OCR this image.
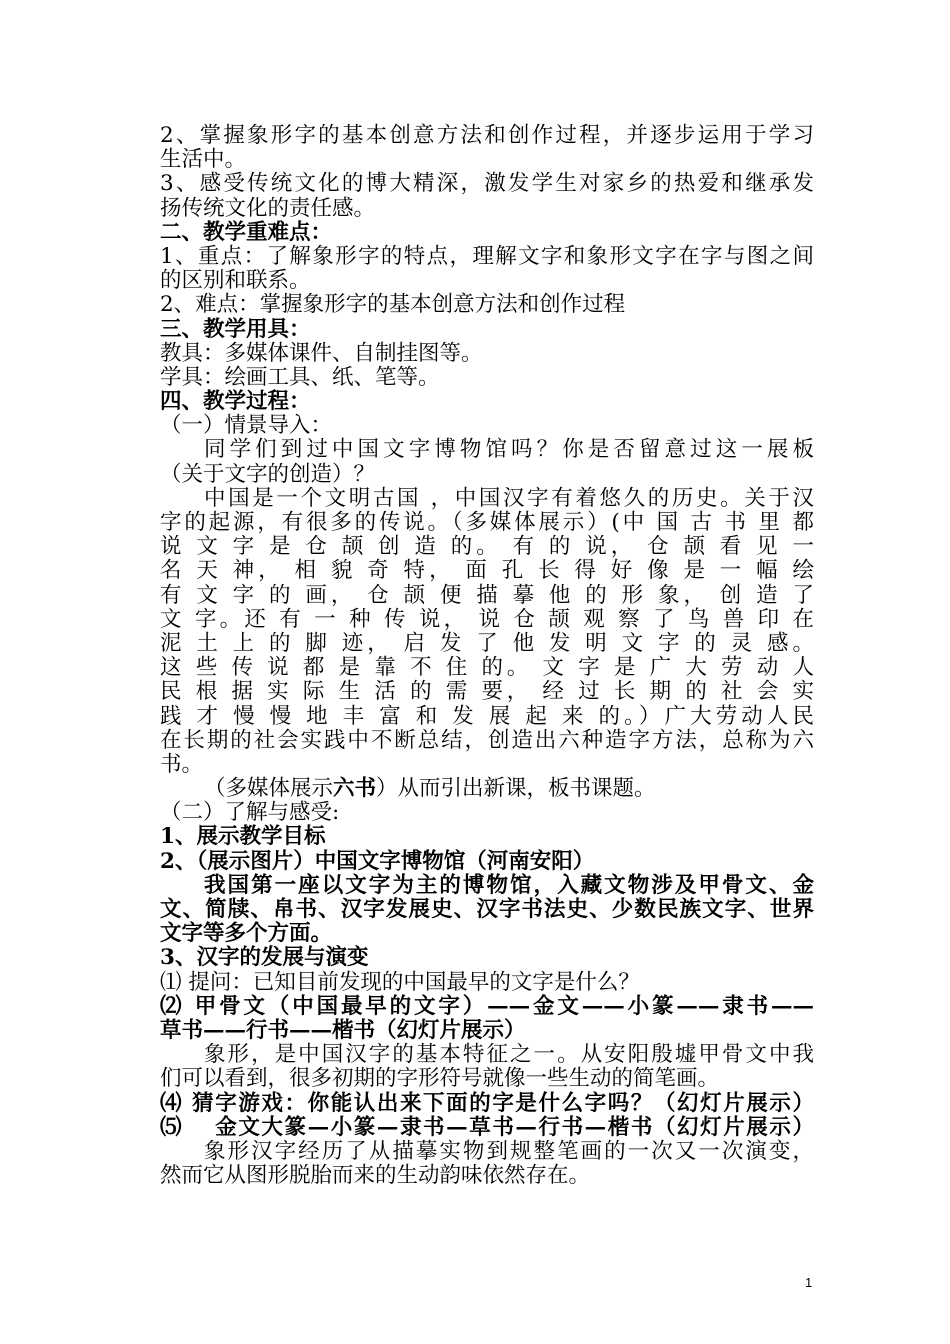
2、掌握象形字的基本创意方法和创作过程，并逐步运用于学习
生活中。
3、感受传统文化的博大精深，激发学生对家乡的热爱和继承发
扬传统文化的责任感。
二、教学重难点：
1、重点：了解象形字的特点，理解文字和象形文字在字与图之间
的区别和联系。
2、难点：掌握象形字的基本创意方法和创作过程
三、教学用具：
教具：多媒体课件、自制挂图等。
学具：绘画工具、纸、笔等。
四、教学过程：
（一）情景导入：
同学们到过中国文字博物馆吗？你是否留意过这一展板
（关于文字的创造）？
中国是一个文明古国 ，中国汉字有着悠久的历史。关于汉
字的起源，有很多的传说。（多媒体展示）(中 国 古 书 里 都
说 文 字 是 仓 颉 创 造 的。 有 的 说， 仓 颉 看 见 一
名 天 神， 相 貌 奇 特， 面 孔 长 得 好 像 是 一 幅 绘
有 文 字 的 画， 仓 颉 便 描 摹 他 的 形 象， 创 造 了
文 字。还 有 一 种 传 说， 说 仓 颉 观 察 了 鸟 兽 印 在
泥 土 上 的 脚 迹， 启 发 了 他 发 明 文 字 的 灵 感。
这 些 传 说 都 是 靠 不 住 的。 文 字 是 广 大 劳 动 人
民 根 据 实 际 生 活 的 需 要， 经 过 长 期 的 社 会 实
践 才 慢 慢 地 丰 富 和 发 展 起 来 的。）广大劳动人民
在长期的社会实践中不断总结，创造出六种造字方法，总称为六
书。
（多媒体展示六书）从而引出新课，板书课题。
（二）了解与感受:
1、展示教学目标
2、（展示图片）中国文字博物馆（河南安阳）
我国第一座以文字为主的博物馆，入藏文物涉及甲骨文、金
文、简牍、帛书、汉字发展史、汉字书法史、少数民族文字、世界
文字等多个方面。
3、汉字的发展与演变
⑴ 提问：已知目前发现的中国最早的文字是什么？
⑵ 甲骨文（中国最早的文字）——金文——小篆——隶书——
草书——行书——楷书（幻灯片展示）
象形，是中国汉字的基本特征之一。从安阳殷墟甲骨文中我
们可以看到，很多初期的字形符号就像一些生动的简笔画。
⑷ 猜字游戏：你能认出来下面的字是什么字吗？（幻灯片展示）
⑸　 金文大篆—小篆—隶书—草书—行书—楷书（幻灯片展示）
象形汉字经历了从描摹实物到规整笔画的一次又一次演变，
然而它从图形脱胎而来的生动韵味依然存在。
1
